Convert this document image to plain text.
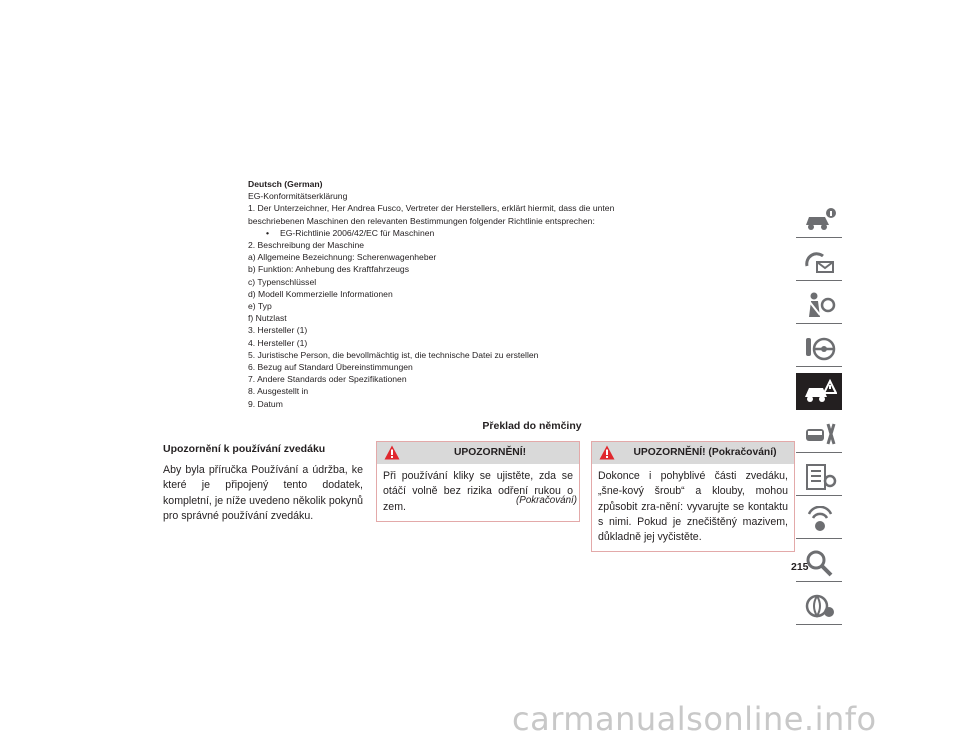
Deutsch (German)
EG-Konformitätserklärung
1. Der Unterzeichner, Her Andrea Fusco, Vertreter der Herstellers, erklärt hiermit, dass die unten
beschriebenen Maschinen den relevanten Bestimmungen folgender Richtlinie entsprechen:
• EG-Richtlinie 2006/42/EC für Maschinen
2. Beschreibung der Maschine
a) Allgemeine Bezeichnung: Scherenwagenheber
b) Funktion: Anhebung des Kraftfahrzeugs
c) Typenschlüssel
d) Modell Kommerzielle Informationen
e) Typ
f) Nutzlast
3. Hersteller (1)
4. Hersteller (1)
5. Juristische Person, die bevollmächtig ist, die technische Datei zu erstellen
6. Bezug auf Standard Übereinstimmungen
7. Andere Standards oder Spezifikationen
8. Ausgestellt in
9. Datum
Překlad do němčiny
Upozornění k používání zvedáku
Aby byla příručka Používání a údržba, ke které je připojený tento dodatek, kompletní, je níže uvedeno několik pokynů pro správné používání zvedáku.
UPOZORNĚNÍ!
Při používání kliky se ujistěte, zda se otáčí volně bez rizika odření rukou o zem.
(Pokračování)
UPOZORNĚNÍ! (Pokračování)
Dokonce i pohyblivé části zvedáku, „šne-kový šroub“ a klouby, mohou způsobit zra-nění: vyvarujte se kontaktu s nimi. Pokud je znečištěný mazivem, důkladně jej vyčistěte.
215
carmanualsonline.info
